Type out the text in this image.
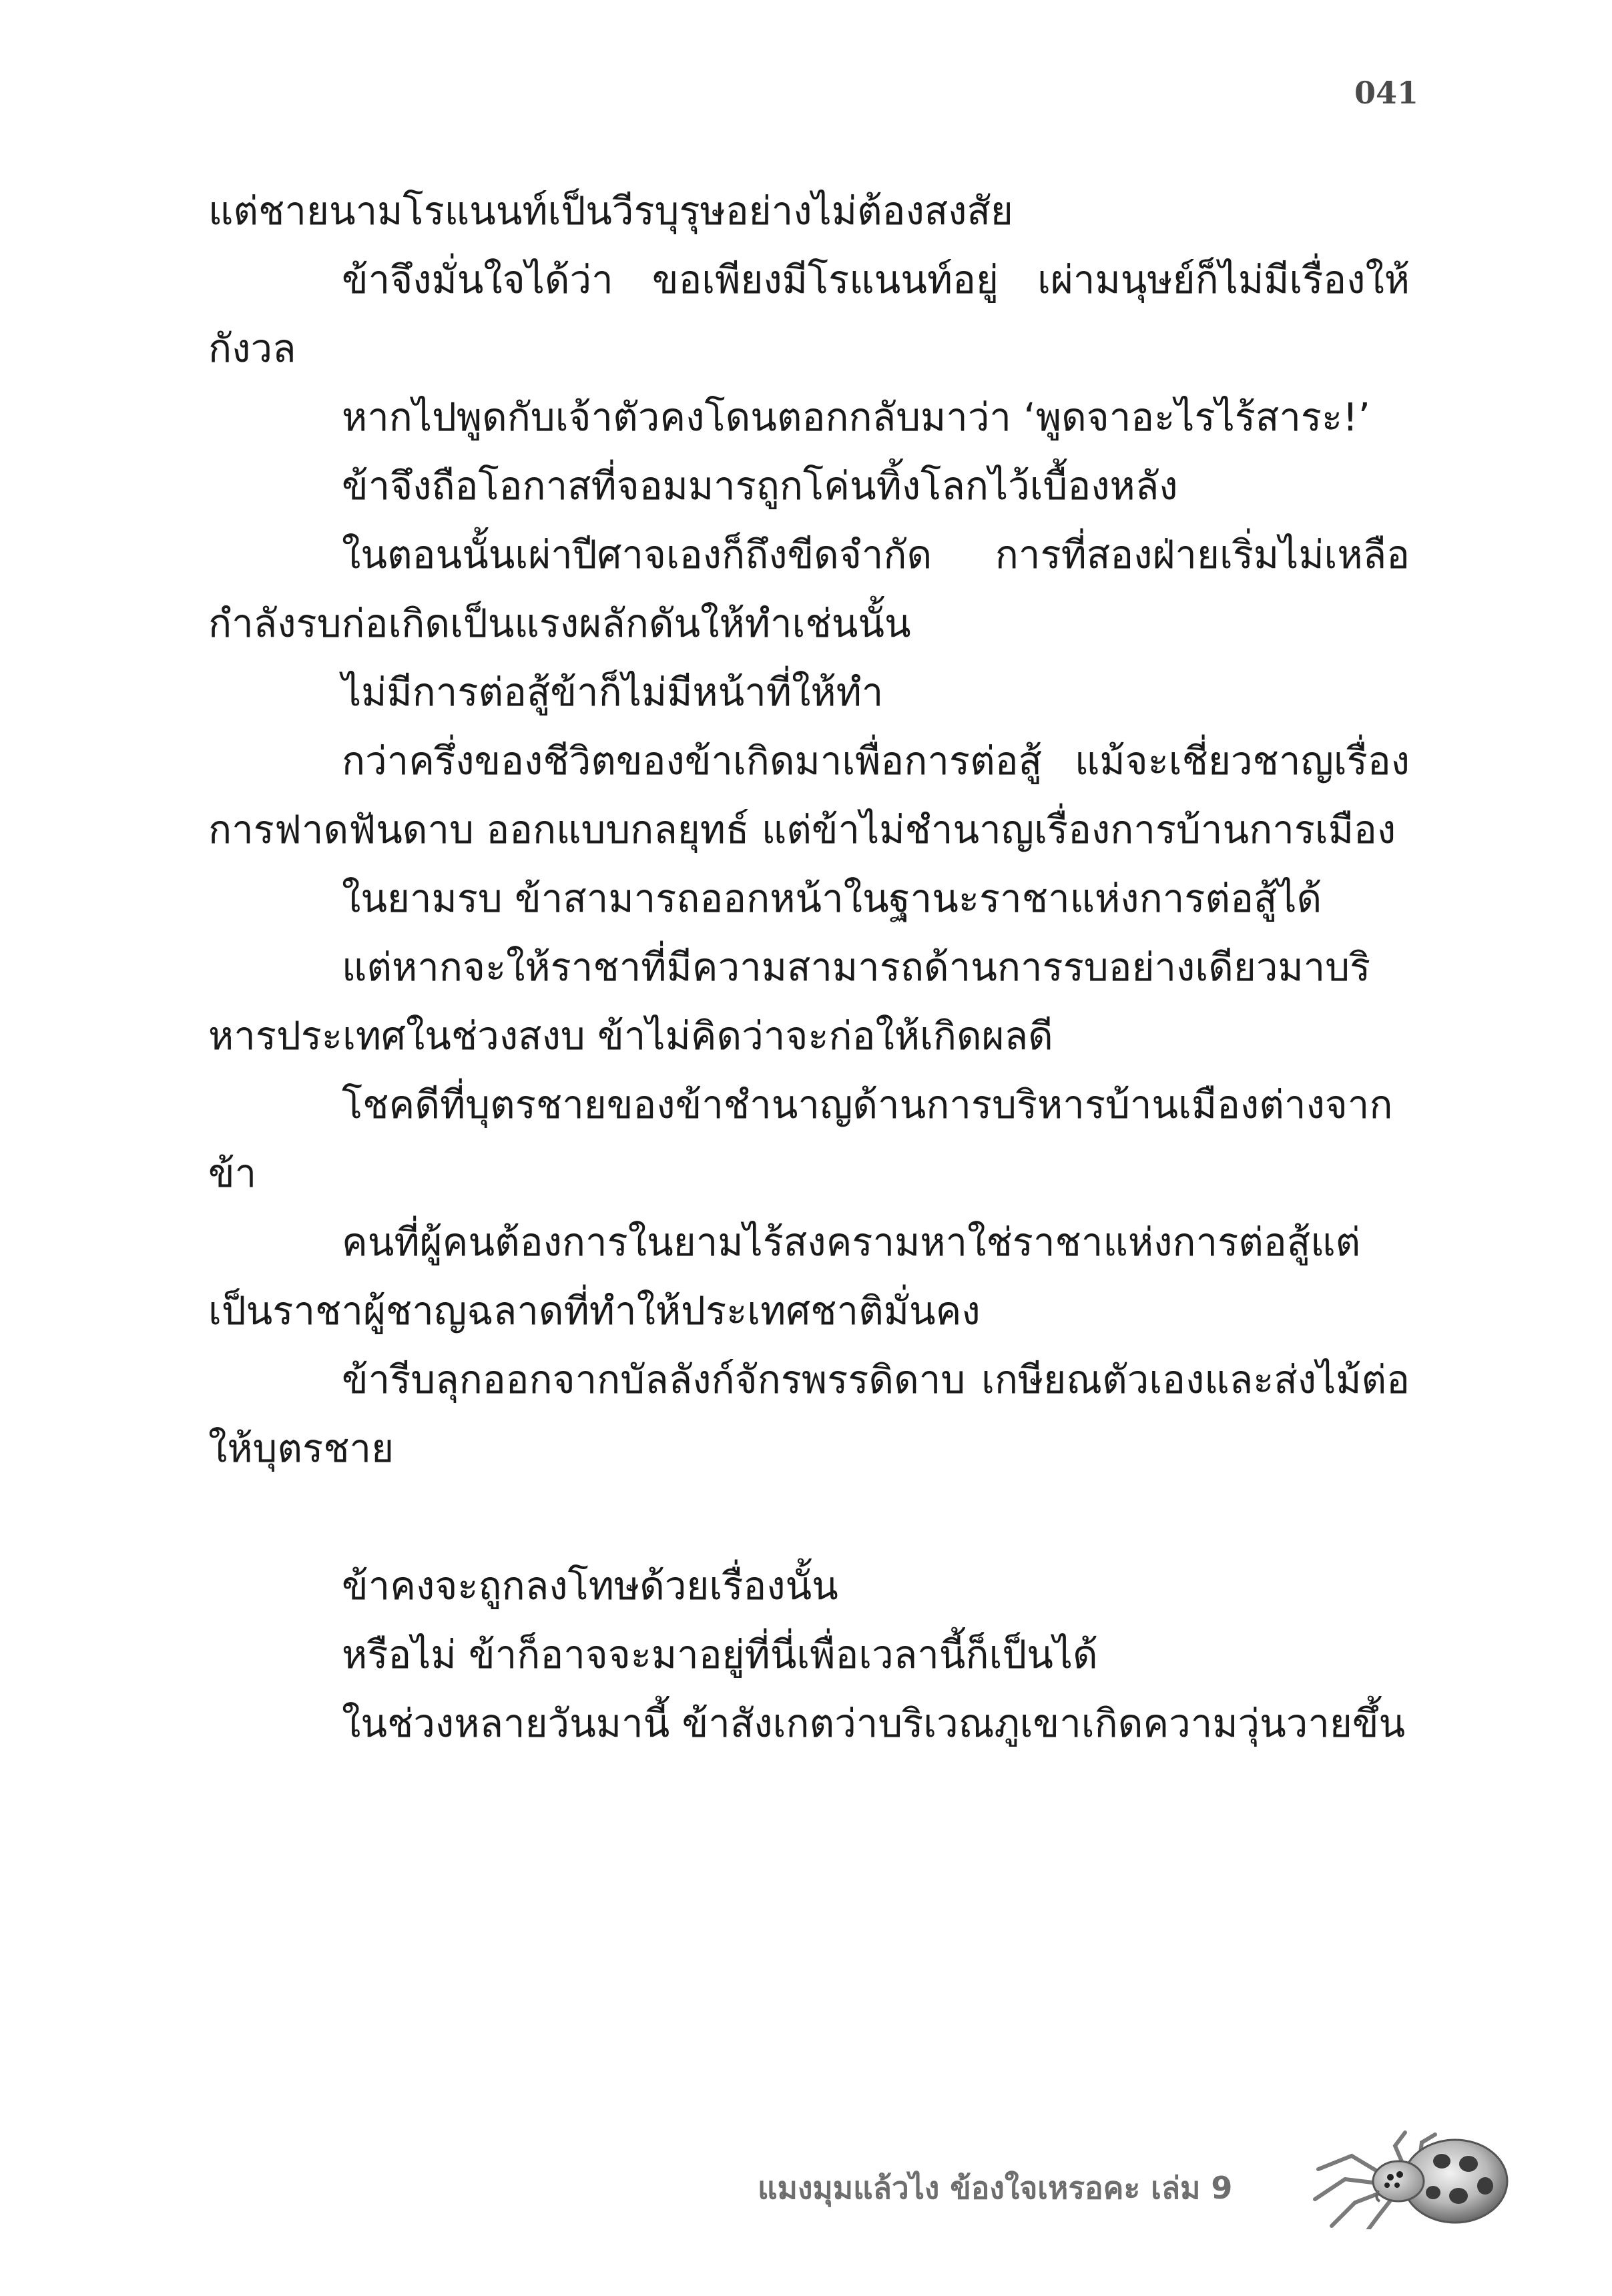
041

แต่ชายนามโรแนนท์เป็นวีรบุรุษอย่างไม่ต้องสงสัย

ข้าจึงมั่นใจได้ว่า ขอเพียงมีโรแนนท์อยู่ เผ่ามนุษย์ก็ไม่มีเรื่องให้กังวล

หากไปพูดกับเจ้าตัวคงโดนตอกกลับมาว่า ‘พูดจาอะไรไร้สาระ!’

ข้าจึงถือโอกาสที่จอมมารถูกโค่นทิ้งโลกไว้เบื้องหลัง

ในตอนนั้นเผ่าปีศาจเองก็ถึงขีดจำกัด การที่สองฝ่ายเริ่มไม่เหลือกำลังรบก่อเกิดเป็นแรงผลักดันให้ทำเช่นนั้น

ไม่มีการต่อสู้ข้าก็ไม่มีหน้าที่ให้ทำ

กว่าครึ่งของชีวิตของข้าเกิดมาเพื่อการต่อสู้ แม้จะเชี่ยวชาญเรื่องการฟาดฟันดาบ ออกแบบกลยุทธ์ แต่ข้าไม่ชำนาญเรื่องการบ้านการเมือง

ในยามรบ ข้าสามารถออกหน้าในฐานะราชาแห่งการต่อสู้ได้

แต่หากจะให้ราชาที่มีความสามารถด้านการรบอย่างเดียวมาบริหารประเทศในช่วงสงบ ข้าไม่คิดว่าจะก่อให้เกิดผลดี

โชคดีที่บุตรชายของข้าชำนาญด้านการบริหารบ้านเมืองต่างจากข้า

คนที่ผู้คนต้องการในยามไร้สงครามหาใช่ราชาแห่งการต่อสู้แต่เป็นราชาผู้ชาญฉลาดที่ทำให้ประเทศชาติมั่นคง

ข้ารีบลุกออกจากบัลลังก์จักรพรรดิดาบ เกษียณตัวเองและส่งไม้ต่อให้บุตรชาย

ข้าคงจะถูกลงโทษด้วยเรื่องนั้น

หรือไม่ ข้าก็อาจจะมาอยู่ที่นี่เพื่อเวลานี้ก็เป็นได้

ในช่วงหลายวันมานี้ ข้าสังเกตว่าบริเวณภูเขาเกิดความวุ่นวายขึ้น

แมงมุมแล้วไง ข้องใจเหรอคะ เล่ม 9
